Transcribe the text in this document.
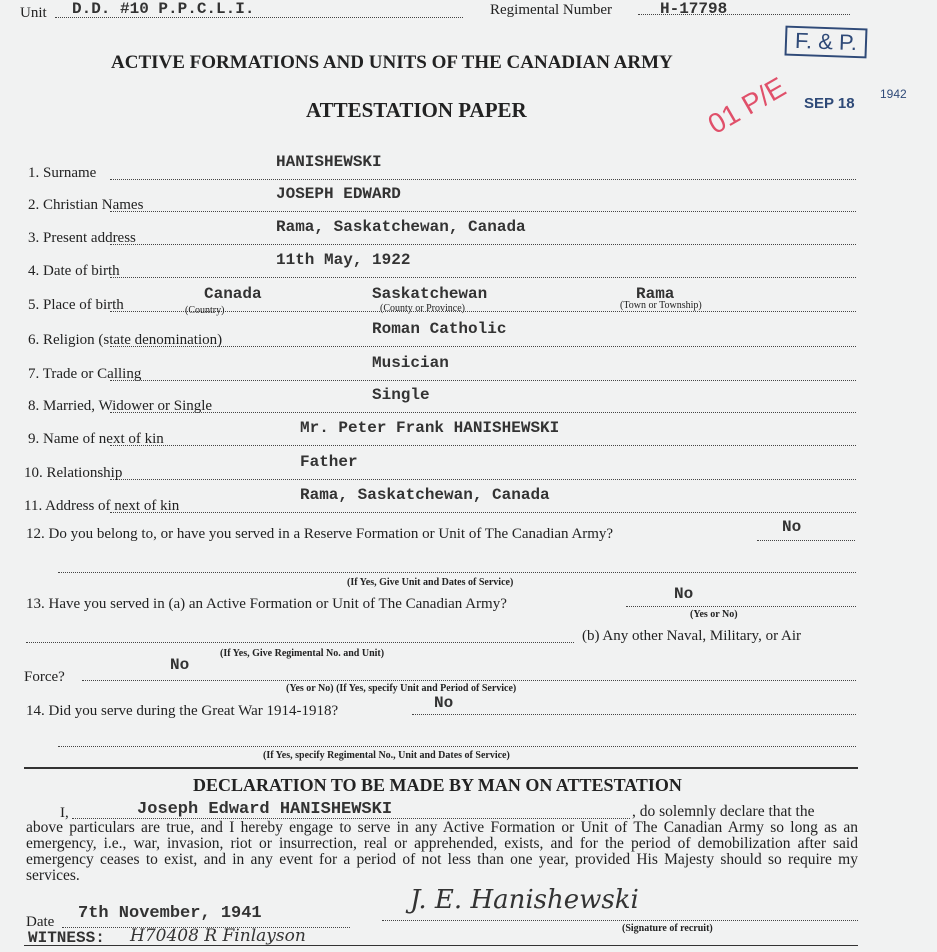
Unit D.D. #10 P.P.C.L.I.	Regimental Number	H-17798
F. & P.
01 P/E SEP 18
1942
ACTIVE FORMATIONS AND UNITS OF THE CANADIAN ARMY
ATTESTATION PAPER
1. Surname
HANISHEWSKI
2. Christian Names
JOSEPH EDWARD
3. Present address
Rama, Saskatchewan, Canada
4. Date of birth
11th May, 1922
5. Place of birth
Canada	Saskatchewan	Rama
(Country)	(County or Province)	(Town or Township)
6. Religion (state denomination)
Roman Catholic
7. Trade or Calling
Musician
8. Married, Widower or Single
Single
9. Name of next of kin
Mr. Peter Frank HANISHEWSKI
10. Relationship
Father
11. Address of next of kin
Rama, Saskatchewan, Canada
12. Do you belong to, or have you served in a Reserve Formation or Unit of The Canadian Army?	No
(If Yes, Give Unit and Dates of Service)
13. Have you served in (a) an Active Formation or Unit of The Canadian Army?
No
(Yes or No)
(b) Any other Naval, Military, or Air
(If Yes, Give Regimental No. and Unit)
Force?
No
(Yes or No) (If Yes, specify Unit and Period of Service)
14. Did you serve during the Great War 1914-1918?	No
(If Yes, specify Regimental No., Unit and Dates of Service)
DECLARATION TO BE MADE BY MAN ON ATTESTATION
I,	Joseph Edward HANISHEWSKI	, do solemnly declare that the
above particulars are true, and I hereby engage to serve in any Active Formation or Unit of The Canadian Army so long as an emergency, i.e., war, invasion, riot or insurrection, real or apprehended, exists, and for the period of demobilization after said emergency ceases to exist, and in any event for a period of not less than one year, provided His Majesty should so require my services.
Date 7th November, 1941	J. E. Hanishewski
(Signature of recruit)
WITNESS: H70408 R Finlayson
